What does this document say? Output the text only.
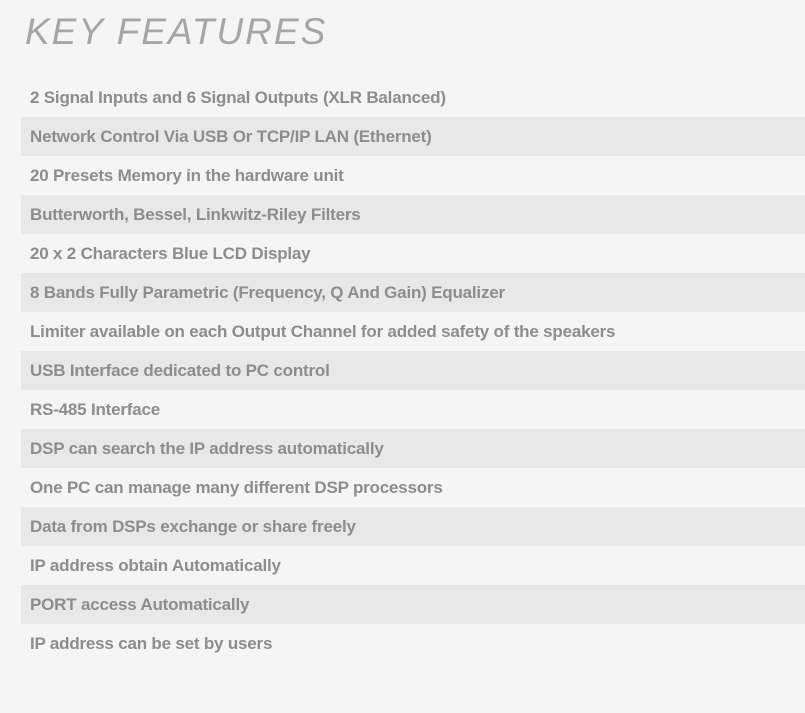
KEY FEATURES
2 Signal Inputs and 6 Signal Outputs (XLR Balanced)
Network Control Via USB Or TCP/IP LAN (Ethernet)
20 Presets Memory in the hardware unit
Butterworth, Bessel, Linkwitz-Riley Filters
20 x 2 Characters Blue LCD Display
8 Bands Fully Parametric (Frequency, Q And Gain) Equalizer
Limiter available on each Output Channel for added safety of the speakers
USB Interface dedicated to PC control
RS-485 Interface
DSP can search the IP address automatically
One PC can manage many different DSP processors
Data from DSPs exchange or share freely
IP address obtain Automatically
PORT access Automatically
IP address can be set by users
